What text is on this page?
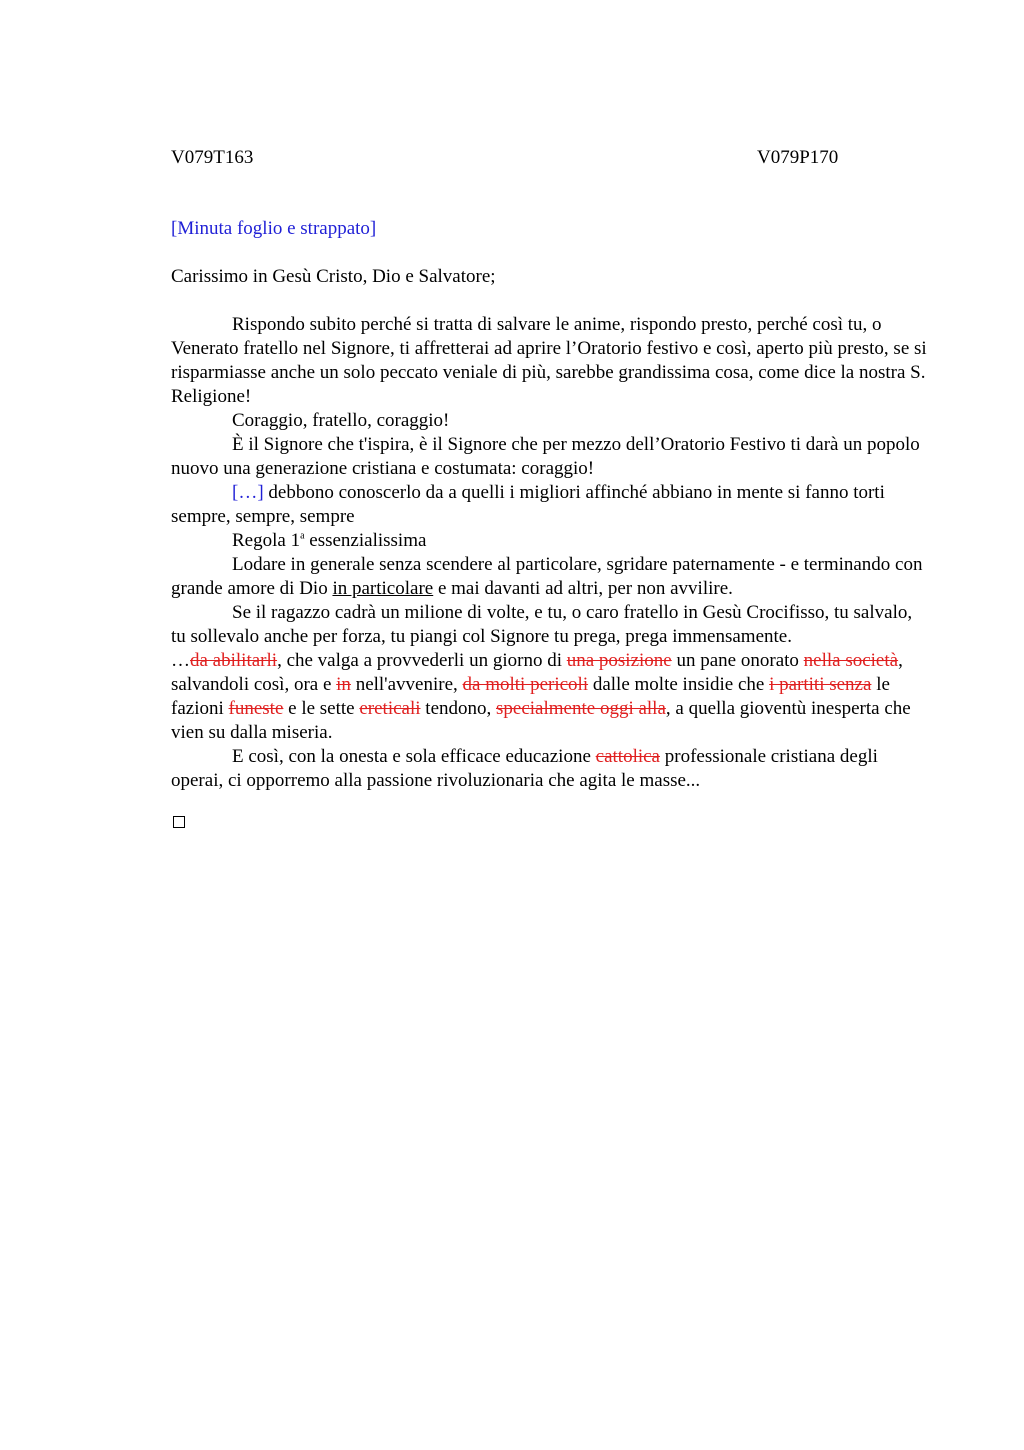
V079T163	V079P170
[Minuta foglio e strappato]
Carissimo in Gesù Cristo, Dio e Salvatore;

Rispondo subito perché si tratta di salvare le anime, rispondo presto, perché così tu, o Venerato fratello nel Signore, ti affretterai ad aprire l’Oratorio festivo e così, aperto più presto, se si risparmiasse anche un solo peccato veniale di più, sarebbe grandissima cosa, come dice la nostra S. Religione!

Coraggio, fratello, coraggio!

È il Signore che t'ispira, è il Signore che per mezzo dell’Oratorio Festivo ti darà un popolo nuovo una generazione cristiana e costumata: coraggio!

[…] debbono conoscerlo da a quelli i migliori affinché abbiano in mente si fanno torti sempre, sempre, sempre

Regola 1$^a$ essenzialissima

Lodare in generale senza scendere al particolare, sgridare paternamente - e terminando con grande amore di Dio in particolare e mai davanti ad altri, per non avvilire.

Se il ragazzo cadrà un milione di volte, e tu, o caro fratello in Gesù Crocifisso, tu salvalo, tu sollevalo anche per forza, tu piangi col Signore tu prega, prega immensamente.

…da abilitarli, che valga a provvederli un giorno di una posizione un pane onorato nella società, salvandoli così, ora e in nell'avvenire, da molti pericoli dalle molte insidie che i partiti senza le fazioni funeste e le sette ereticali tendono, specialmente oggi alla, a quella gioventù inesperta che vien su dalla miseria.

E così, con la onesta e sola efficace educazione cattolica professionale cristiana degli operai, ci opporremo alla passione rivoluzionaria che agita le masse...
